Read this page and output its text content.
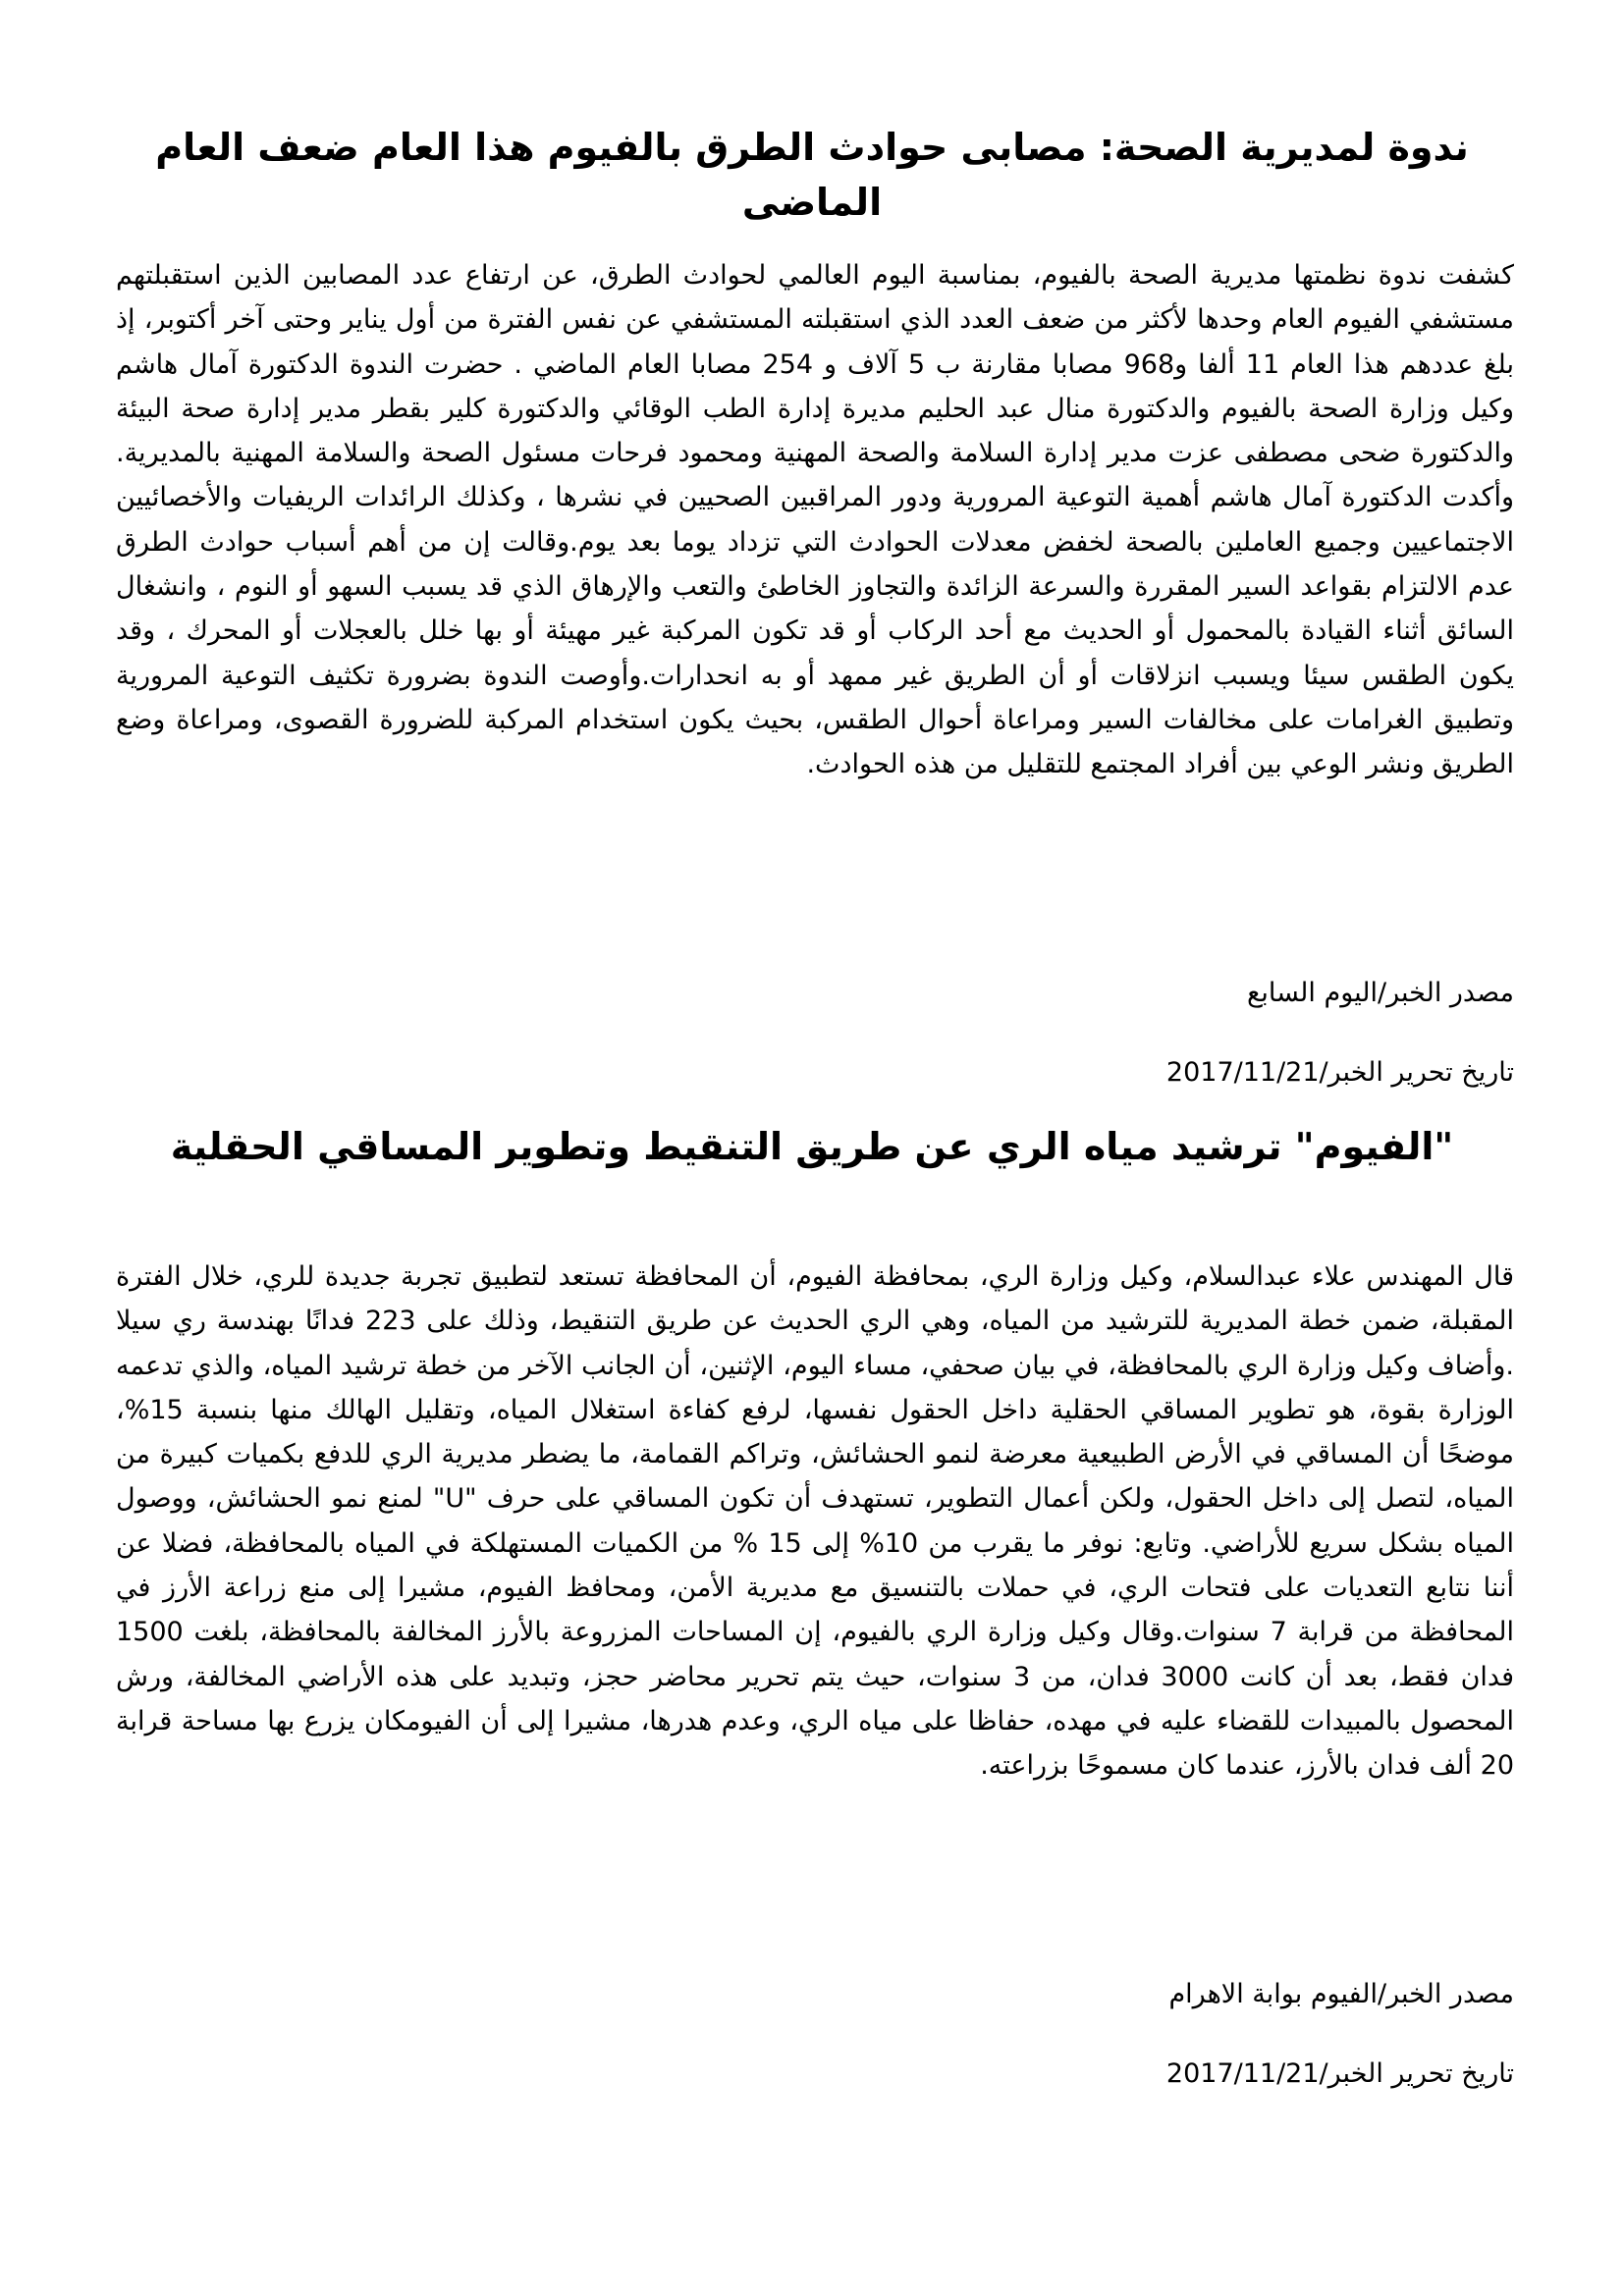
ندوة لمديرية الصحة: مصابى حوادث الطرق بالفيوم هذا العام ضعف العام الماضى

كشفت ندوة نظمتها مديرية الصحة بالفيوم، بمناسبة اليوم العالمي لحوادث الطرق، عن ارتفاع عدد المصابين الذين استقبلتهم مستشفي الفيوم العام وحدها لأكثر من ضعف العدد الذي استقبلته المستشفي عن نفس الفترة من أول يناير وحتى آخر أكتوبر، إذ بلغ عددهم هذا العام 11 ألفا و968 مصابا مقارنة ب 5 آلاف و 254 مصابا العام الماضي . حضرت الندوة الدكتورة آمال هاشم وكيل وزارة الصحة بالفيوم والدكتورة منال عبد الحليم مديرة إدارة الطب الوقائي والدكتورة كلير بقطر مدير إدارة صحة البيئة والدكتورة ضحى مصطفى عزت مدير إدارة السلامة والصحة المهنية ومحمود فرحات مسئول الصحة والسلامة المهنية بالمديرية. وأكدت الدكتورة آمال هاشم أهمية التوعية المرورية ودور المراقبين الصحيين في نشرها ، وكذلك الرائدات الريفيات والأخصائيين الاجتماعيين وجميع العاملين بالصحة لخفض معدلات الحوادث التي تزداد يوما بعد يوم.وقالت إن من أهم أسباب حوادث الطرق عدم الالتزام بقواعد السير المقررة والسرعة الزائدة والتجاوز الخاطئ والتعب والإرهاق الذي قد يسبب السهو أو النوم ، وانشغال السائق أثناء القيادة بالمحمول أو الحديث مع أحد الركاب أو قد تكون المركبة غير مهيئة أو بها خلل بالعجلات أو المحرك ، وقد يكون الطقس سيئا ويسبب انزلاقات أو أن الطريق غير ممهد أو به انحدارات.وأوصت الندوة بضرورة تكثيف التوعية المرورية وتطبيق الغرامات على مخالفات السير ومراعاة أحوال الطقس، بحيث يكون استخدام المركبة للضرورة القصوى، ومراعاة وضع الطريق ونشر الوعي بين أفراد المجتمع للتقليل من هذه الحوادث.

مصدر الخبر/اليوم السابع

تاريخ تحرير الخبر/2017/11/21

"الفيوم" ترشيد مياه الري عن طريق التنقيط وتطوير المساقي الحقلية

قال المهندس علاء عبدالسلام، وكيل وزارة الري، بمحافظة الفيوم، أن المحافظة تستعد لتطبيق تجربة جديدة للري، خلال الفترة المقبلة، ضمن خطة المديرية للترشيد من المياه، وهي الري الحديث عن طريق التنقيط، وذلك على 223 فدانًا بهندسة ري سيلا .وأضاف وكيل وزارة الري بالمحافظة، في بيان صحفي، مساء اليوم، الإثنين، أن الجانب الآخر من خطة ترشيد المياه، والذي تدعمه الوزارة بقوة، هو تطوير المساقي الحقلية داخل الحقول نفسها، لرفع كفاءة استغلال المياه، وتقليل الهالك منها بنسبة 15%، موضحًا أن المساقي في الأرض الطبيعية معرضة لنمو الحشائش، وتراكم القمامة، ما يضطر مديرية الري للدفع بكميات كبيرة من المياه، لتصل إلى داخل الحقول، ولكن أعمال التطوير، تستهدف أن تكون المساقي على حرف "U" لمنع نمو الحشائش، ووصول المياه بشكل سريع للأراضي. وتابع: نوفر ما يقرب من 10% إلى 15 % من الكميات المستهلكة في المياه بالمحافظة، فضلا عن أننا نتابع التعديات على فتحات الري، في حملات بالتنسيق مع مديرية الأمن، ومحافظ الفيوم، مشيرا إلى منع زراعة الأرز في المحافظة من قرابة 7 سنوات.وقال وكيل وزارة الري بالفيوم، إن المساحات المزروعة بالأرز المخالفة بالمحافظة، بلغت 1500 فدان فقط، بعد أن كانت 3000 فدان، من 3 سنوات، حيث يتم تحرير محاضر حجز، وتبديد على هذه الأراضي المخالفة، ورش المحصول بالمبيدات للقضاء عليه في مهده، حفاظا على مياه الري، وعدم هدرها، مشيرا إلى أن الفيومكان يزرع بها مساحة قرابة 20 ألف فدان بالأرز، عندما كان مسموحًا بزراعته.

مصدر الخبر/الفيوم بوابة الاهرام

تاريخ تحرير الخبر/2017/11/21
